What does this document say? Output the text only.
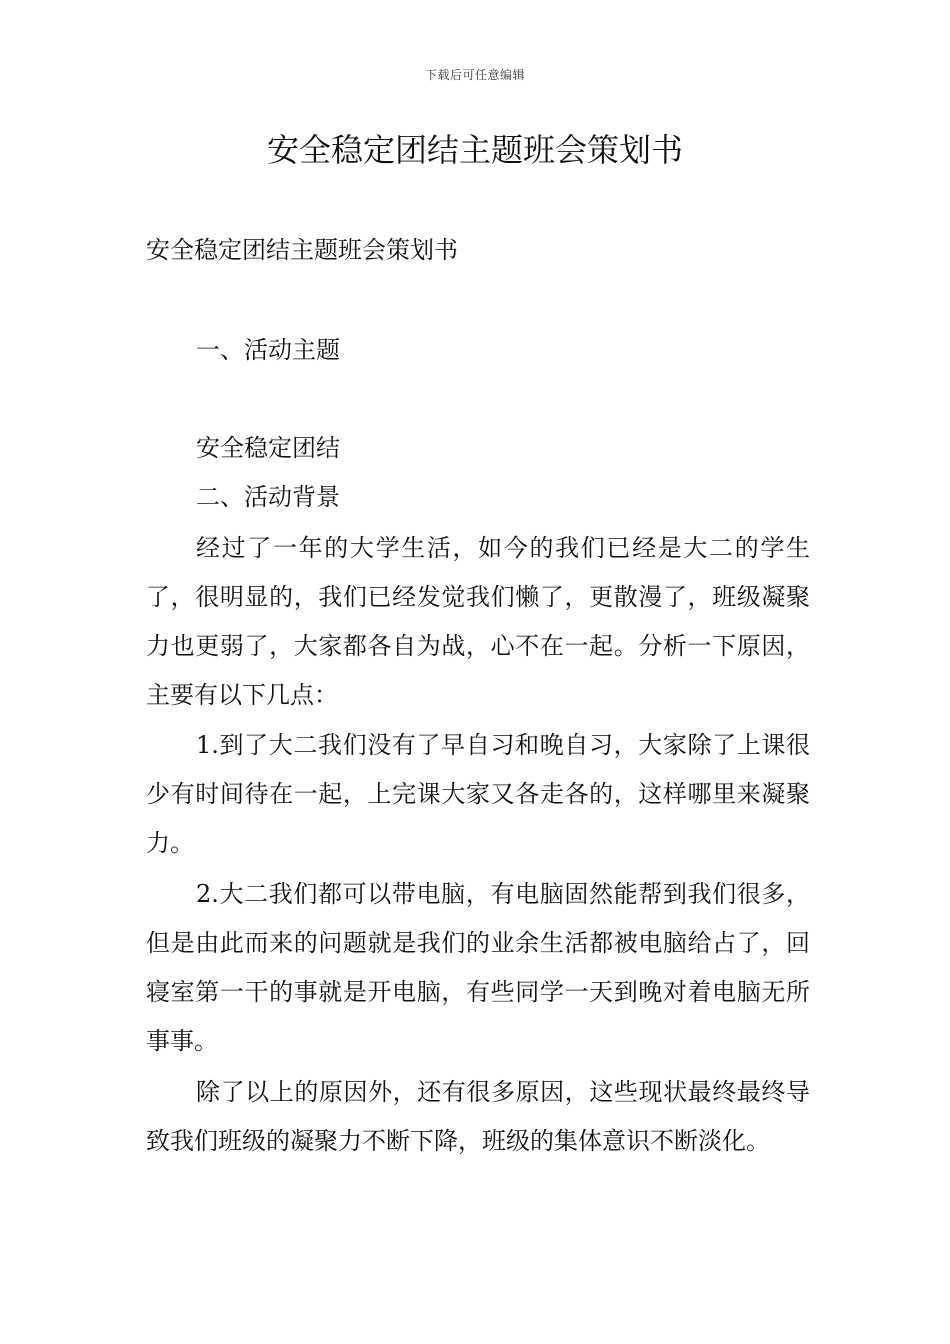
下载后可任意编辑
安全稳定团结主题班会策划书

安全稳定团结主题班会策划书

一、活动主题

安全稳定团结

二、活动背景

经过了一年的大学生活，如今的我们已经是大二的学生了，很明显的，我们已经发觉我们懒了，更散漫了，班级凝聚力也更弱了，大家都各自为战，心不在一起。分析一下原因，主要有以下几点：

1.到了大二我们没有了早自习和晚自习，大家除了上课很少有时间待在一起，上完课大家又各走各的，这样哪里来凝聚力。

2.大二我们都可以带电脑，有电脑固然能帮到我们很多，但是由此而来的问题就是我们的业余生活都被电脑给占了，回寝室第一干的事就是开电脑，有些同学一天到晚对着电脑无所事事。

除了以上的原因外，还有很多原因，这些现状最终最终导致我们班级的凝聚力不断下降，班级的集体意识不断淡化。
